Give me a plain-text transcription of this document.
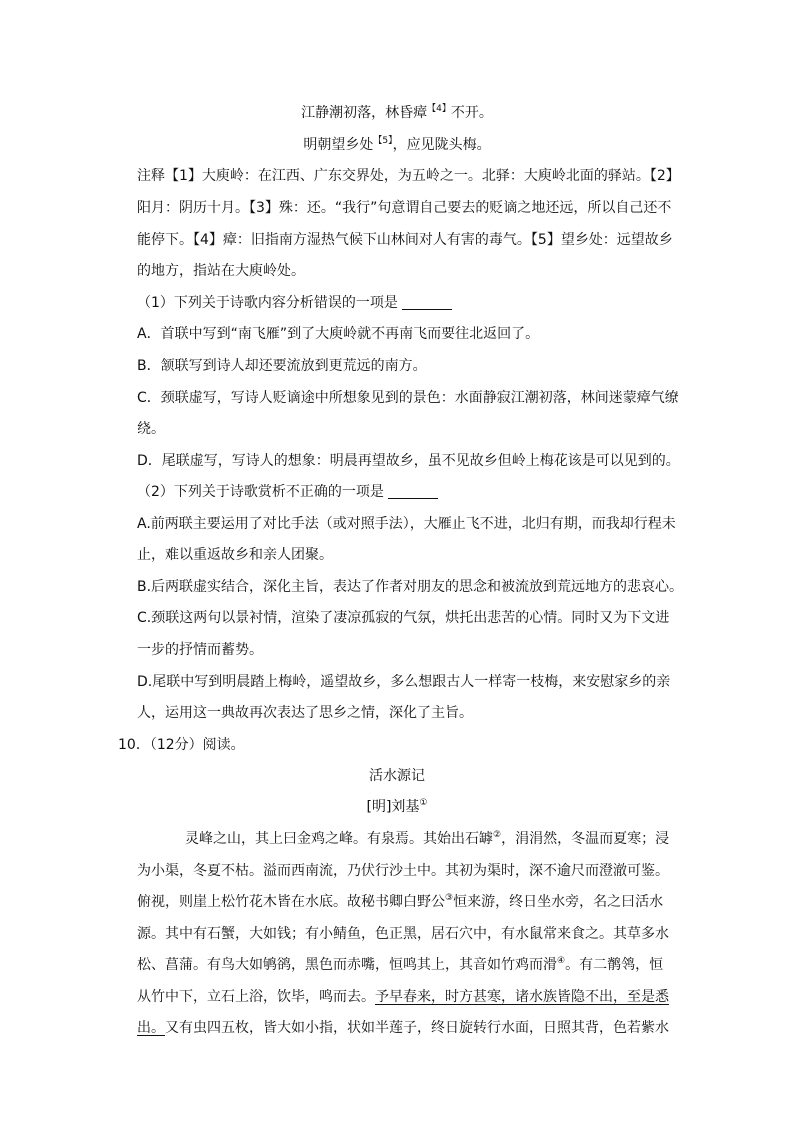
江静潮初落，林昏瘴$^{【4】}$不开。
明朝望乡处$^{【5】}$，应见陇头梅。
注释【1】大庾岭：在江西、广东交界处，为五岭之一。北驿：大庾岭北面的驿站。【2】
阳月：阴历十月。【3】殊：还。“我行”句意谓自己要去的贬谪之地还远，所以自己还不
能停下。【4】瘴：旧指南方湿热气候下山林间对人有害的毒气。【5】望乡处：远望故乡
的地方，指站在大庾岭处。
（1）下列关于诗歌内容分析错误的一项是
A．首联中写到“南飞雁”到了大庾岭就不再南飞而要往北返回了。
B．颔联写到诗人却还要流放到更荒远的南方。
C．颈联虚写，写诗人贬谪途中所想象见到的景色：水面静寂江潮初落，林间迷蒙瘴气缭
绕。
D．尾联虚写，写诗人的想象：明晨再望故乡，虽不见故乡但岭上梅花该是可以见到的。
（2）下列关于诗歌赏析不正确的一项是
A.前两联主要运用了对比手法（或对照手法），大雁止飞不进，北归有期，而我却行程未
止，难以重返故乡和亲人团聚。
B.后两联虚实结合，深化主旨，表达了作者对朋友的思念和被流放到荒远地方的悲哀心。
C.颈联这两句以景衬情，渲染了凄凉孤寂的气氛，烘托出悲苦的心情。同时又为下文进
一步的抒情而蓄势。
D.尾联中写到明晨踏上梅岭，遥望故乡，多么想跟古人一样寄一枝梅，来安慰家乡的亲
人，运用这一典故再次表达了思乡之情，深化了主旨。
10．（12分）阅读。
活水源记
[明]刘基①
灵峰之山，其上曰金鸡之峰。有泉焉。其始出石罅②，涓涓然，冬温而夏寒；浸
为小渠，冬夏不枯。溢而西南流，乃伏行沙土中。其初为渠时，深不逾尺而澄澈可鉴。
俯视，则崖上松竹花木皆在水底。故秘书卿白野公③恒来游，终日坐水旁，名之曰活水
源。其中有石蟹，大如钱；有小鲭鱼，色正黑，居石穴中，有水鼠常来食之。其草多水
松、菖蒲。有鸟大如鸲鹆，黑色而赤嘴，恒鸣其上，其音如竹鸡而滑④。有二鹡鸰，恒
从竹中下，立石上浴，饮毕，鸣而去。予早春来，时方甚寒，诸水族皆隐不出，至是悉
出。又有虫四五枚，皆大如小指，状如半莲子，终日旋转行水面，日照其背，色若紫水
